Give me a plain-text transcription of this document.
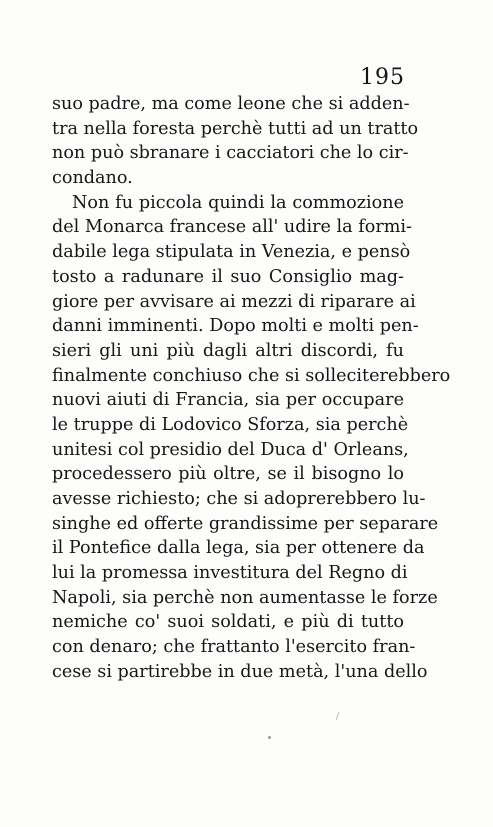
195
suo padre, ma come leone che si adden-
tra nella foresta perchè tutti ad un tratto
non può sbranare i cacciatori che lo cir-
condano.
Non fu piccola quindi la commozione
del Monarca francese all' udire la formi-
dabile lega stipulata in Venezia, e pensò
tosto a radunare il suo Consiglio mag-
giore per avvisare ai mezzi di riparare ai
danni imminenti. Dopo molti e molti pen-
sieri gli uni più dagli altri discordi, fu
finalmente conchiuso che si solleciterebbero
nuovi aiuti di Francia, sia per occupare
le truppe di Lodovico Sforza, sia perchè
unitesi col presidio del Duca d' Orleans,
procedessero più oltre, se il bisogno lo
avesse richiesto; che si adoprerebbero lu-
singhe ed offerte grandissime per separare
il Pontefice dalla lega, sia per ottenere da
lui la promessa investitura del Regno di
Napoli, sia perchè non aumentasse le forze
nemiche co' suoi soldati, e più di tutto
con denaro; che frattanto l'esercito fran-
cese si partirebbe in due metà, l'una dello
